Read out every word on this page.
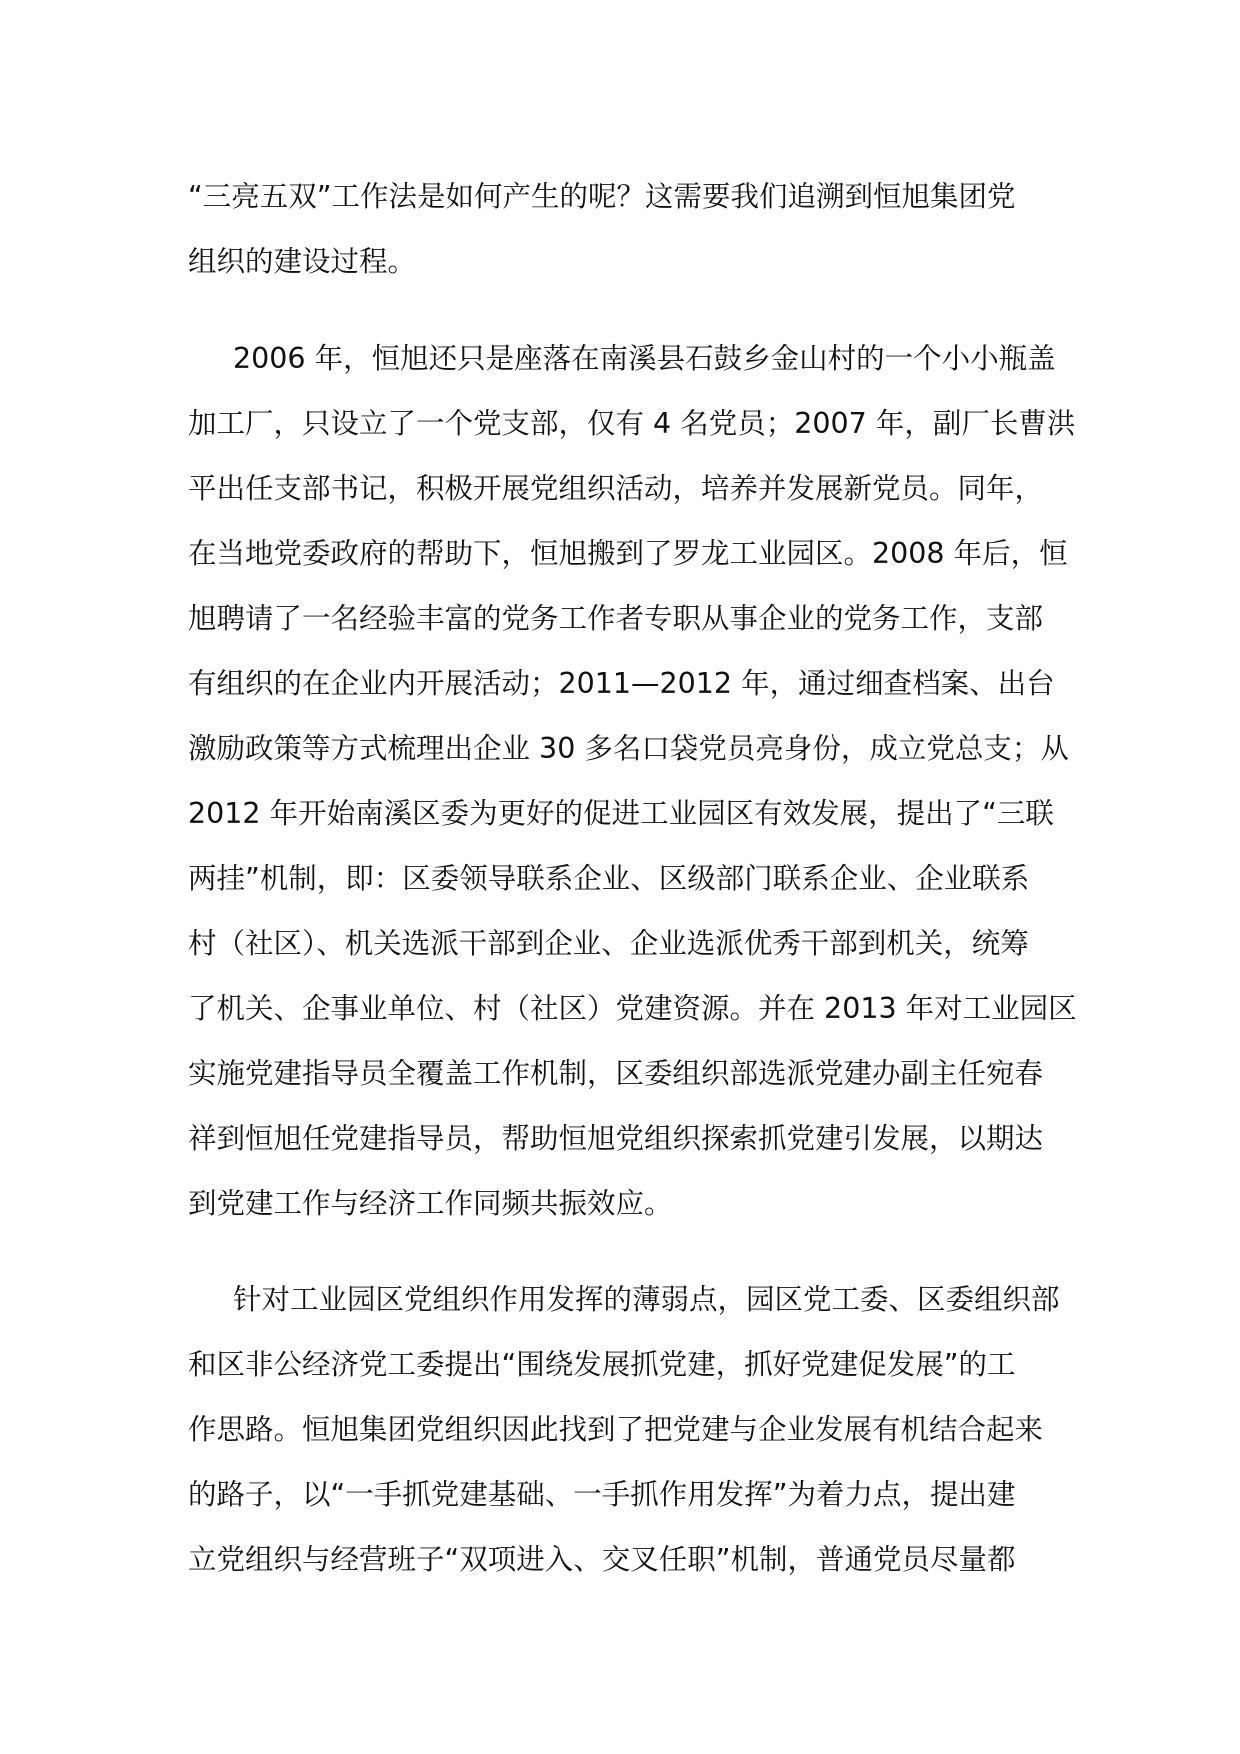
“三亮五双”工作法是如何产生的呢？这需要我们追溯到恒旭集团党
组织的建设过程。
2006 年，恒旭还只是座落在南溪县石鼓乡金山村的一个小小瓶盖
加工厂，只设立了一个党支部，仅有 4 名党员；2007 年，副厂长曹洪
平出任支部书记，积极开展党组织活动，培养并发展新党员。同年，
在当地党委政府的帮助下，恒旭搬到了罗龙工业园区。2008 年后，恒
旭聘请了一名经验丰富的党务工作者专职从事企业的党务工作，支部
有组织的在企业内开展活动；2011—2012 年，通过细查档案、出台
激励政策等方式梳理出企业 30 多名口袋党员亮身份，成立党总支；从
2012 年开始南溪区委为更好的促进工业园区有效发展，提出了“三联
两挂”机制，即：区委领导联系企业、区级部门联系企业、企业联系
村（社区）、机关选派干部到企业、企业选派优秀干部到机关，统筹
了机关、企事业单位、村（社区）党建资源。并在 2013 年对工业园区
实施党建指导员全覆盖工作机制，区委组织部选派党建办副主任宛春
祥到恒旭任党建指导员，帮助恒旭党组织探索抓党建引发展，以期达
到党建工作与经济工作同频共振效应。
针对工业园区党组织作用发挥的薄弱点，园区党工委、区委组织部
和区非公经济党工委提出“围绕发展抓党建，抓好党建促发展”的工
作思路。恒旭集团党组织因此找到了把党建与企业发展有机结合起来
的路子，以“一手抓党建基础、一手抓作用发挥”为着力点，提出建
立党组织与经营班子“双项进入、交叉任职”机制，普通党员尽量都
